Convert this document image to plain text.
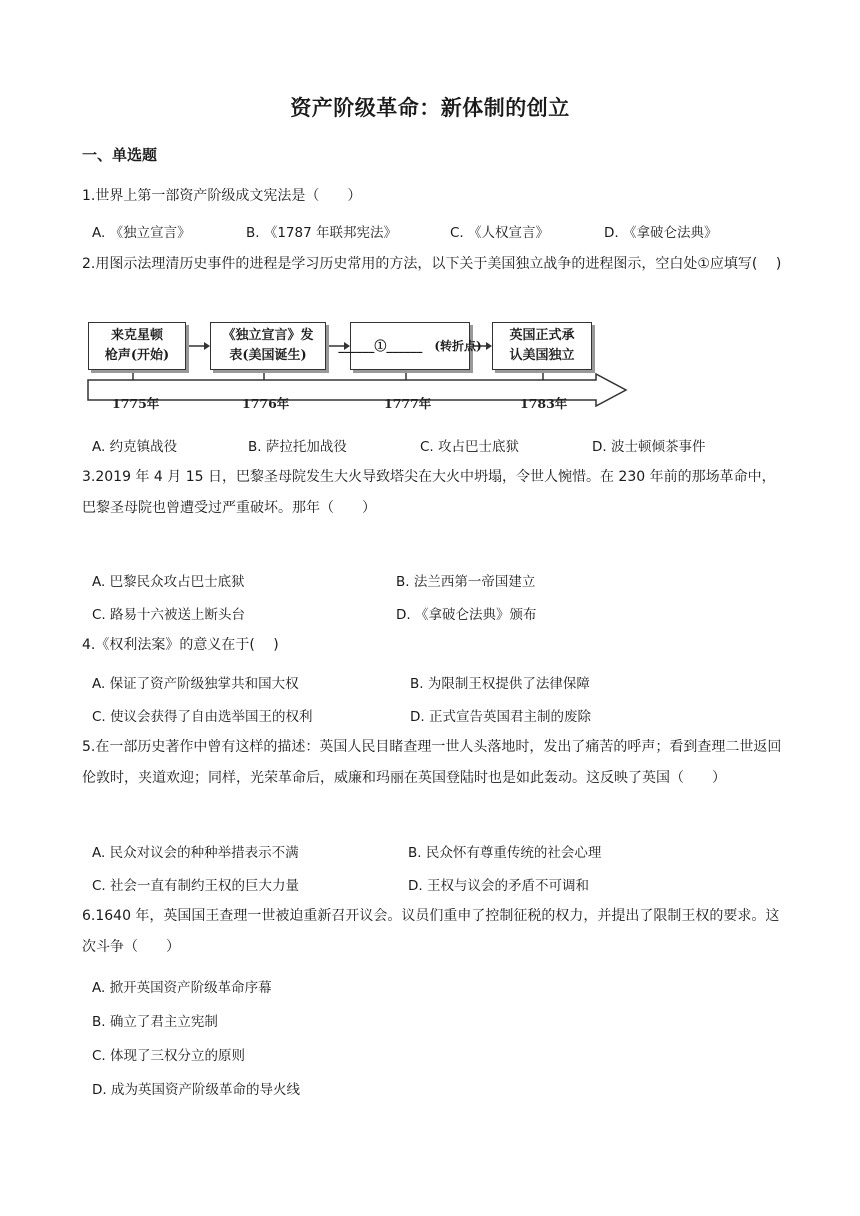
资产阶级革命：新体制的创立
一、单选题
1.世界上第一部资产阶级成文宪法是（　　）
A. 《独立宣言》	B. 《1787 年联邦宪法》	C. 《人权宣言》	D. 《拿破仑法典》
2.用图示法理清历史事件的进程是学习历史常用的方法，以下关于美国独立战争的进程图示，空白处①应填写(　 )
来克星顿
枪声(开始)
《独立宣言》发
表(美国诞生)
______①______　(转折点)
英国正式承
认美国独立
1775年	1776年	1777年	1783年
A. 约克镇战役	B. 萨拉托加战役	C. 攻占巴士底狱	D. 波士顿倾茶事件
3.2019 年 4 月 15 日，巴黎圣母院发生大火导致塔尖在大火中坍塌，令世人惋惜。在 230 年前的那场革命中，巴黎圣母院也曾遭受过严重破坏。那年（　　）
A. 巴黎民众攻占巴士底狱	B. 法兰西第一帝国建立
C. 路易十六被送上断头台	D. 《拿破仑法典》颁布
4.《权利法案》的意义在于(　 )
A. 保证了资产阶级独掌共和国大权	B. 为限制王权提供了法律保障
C. 使议会获得了自由选举国王的权利	D. 正式宣告英国君主制的废除
5.在一部历史著作中曾有这样的描述：英国人民目睹查理一世人头落地时，发出了痛苦的呼声；看到查理二世返回伦敦时，夹道欢迎；同样，光荣革命后，威廉和玛丽在英国登陆时也是如此轰动。这反映了英国（　　）
A. 民众对议会的种种举措表示不满	B. 民众怀有尊重传统的社会心理
C. 社会一直有制约王权的巨大力量	D. 王权与议会的矛盾不可调和
6.1640 年，英国国王查理一世被迫重新召开议会。议员们重申了控制征税的权力，并提出了限制王权的要求。这次斗争（　　）
A. 掀开英国资产阶级革命序幕
B. 确立了君主立宪制
C. 体现了三权分立的原则
D. 成为英国资产阶级革命的导火线
